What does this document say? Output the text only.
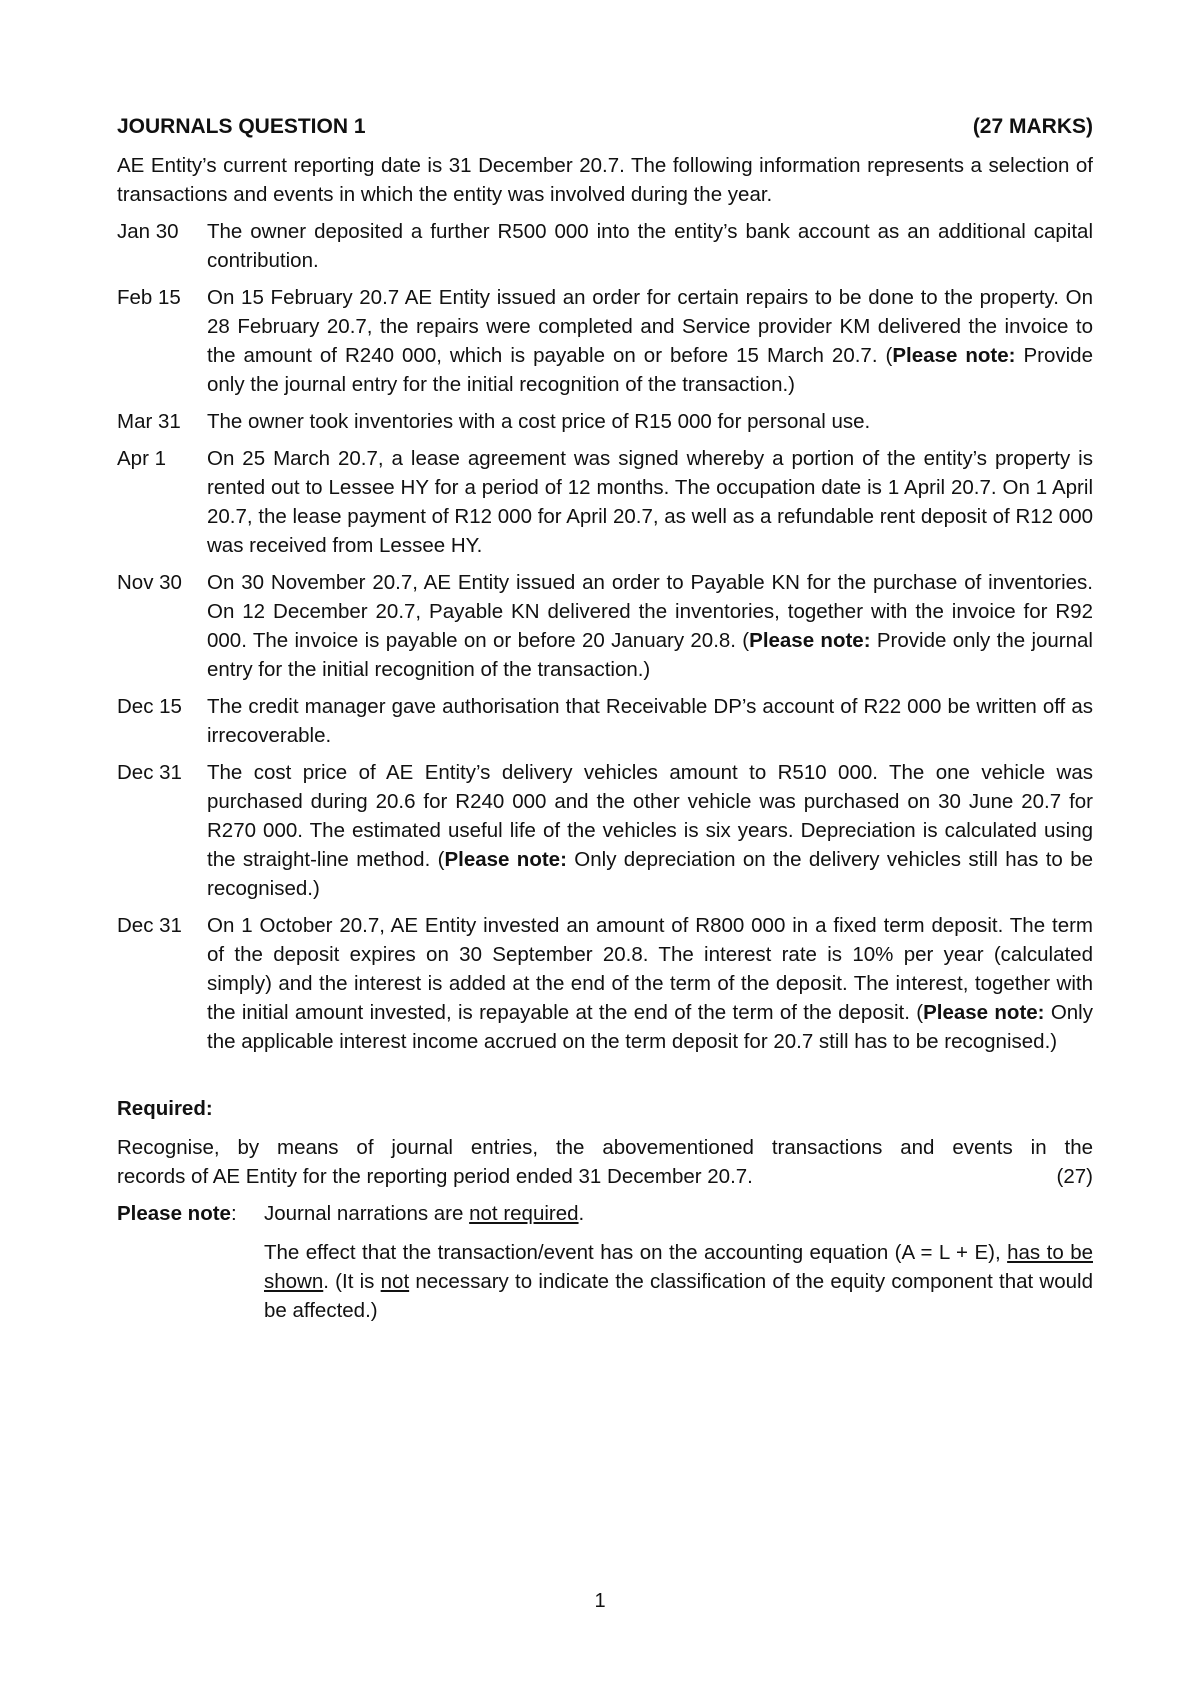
JOURNALS QUESTION 1	(27 MARKS)

AE Entity’s current reporting date is 31 December 20.7. The following information represents a selection of transactions and events in which the entity was involved during the year.

Jan 30	The owner deposited a further R500 000 into the entity’s bank account as an additional capital contribution.
Feb 15	On 15 February 20.7 AE Entity issued an order for certain repairs to be done to the property. On 28 February 20.7, the repairs were completed and Service provider KM delivered the invoice to the amount of R240 000, which is payable on or before 15 March 20.7. (Please note: Provide only the journal entry for the initial recognition of the transaction.)
Mar 31	The owner took inventories with a cost price of R15 000 for personal use.
Apr 1	On 25 March 20.7, a lease agreement was signed whereby a portion of the entity’s property is rented out to Lessee HY for a period of 12 months. The occupation date is 1 April 20.7. On 1 April 20.7, the lease payment of R12 000 for April 20.7, as well as a refundable rent deposit of R12 000 was received from Lessee HY.
Nov 30	On 30 November 20.7, AE Entity issued an order to Payable KN for the purchase of inventories. On 12 December 20.7, Payable KN delivered the inventories, together with the invoice for R92 000. The invoice is payable on or before 20 January 20.8. (Please note: Provide only the journal entry for the initial recognition of the transaction.)
Dec 15	The credit manager gave authorisation that Receivable DP’s account of R22 000 be written off as irrecoverable.
Dec 31	The cost price of AE Entity’s delivery vehicles amount to R510 000. The one vehicle was purchased during 20.6 for R240 000 and the other vehicle was purchased on 30 June 20.7 for R270 000. The estimated useful life of the vehicles is six years. Depreciation is calculated using the straight-line method. (Please note: Only depreciation on the delivery vehicles still has to be recognised.)
Dec 31	On 1 October 20.7, AE Entity invested an amount of R800 000 in a fixed term deposit. The term of the deposit expires on 30 September 20.8. The interest rate is 10% per year (calculated simply) and the interest is added at the end of the term of the deposit. The interest, together with the initial amount invested, is repayable at the end of the term of the deposit. (Please note: Only the applicable interest income accrued on the term deposit for 20.7 still has to be recognised.)

Required:

Recognise, by means of journal entries, the abovementioned transactions and events in the

records of AE Entity for the reporting period ended 31 December 20.7.	(27)
Please note:	Journal narrations are not required.
The effect that the transaction/event has on the accounting equation (A = L + E), has to be shown. (It is not necessary to indicate the classification of the equity component that would be affected.)
1
